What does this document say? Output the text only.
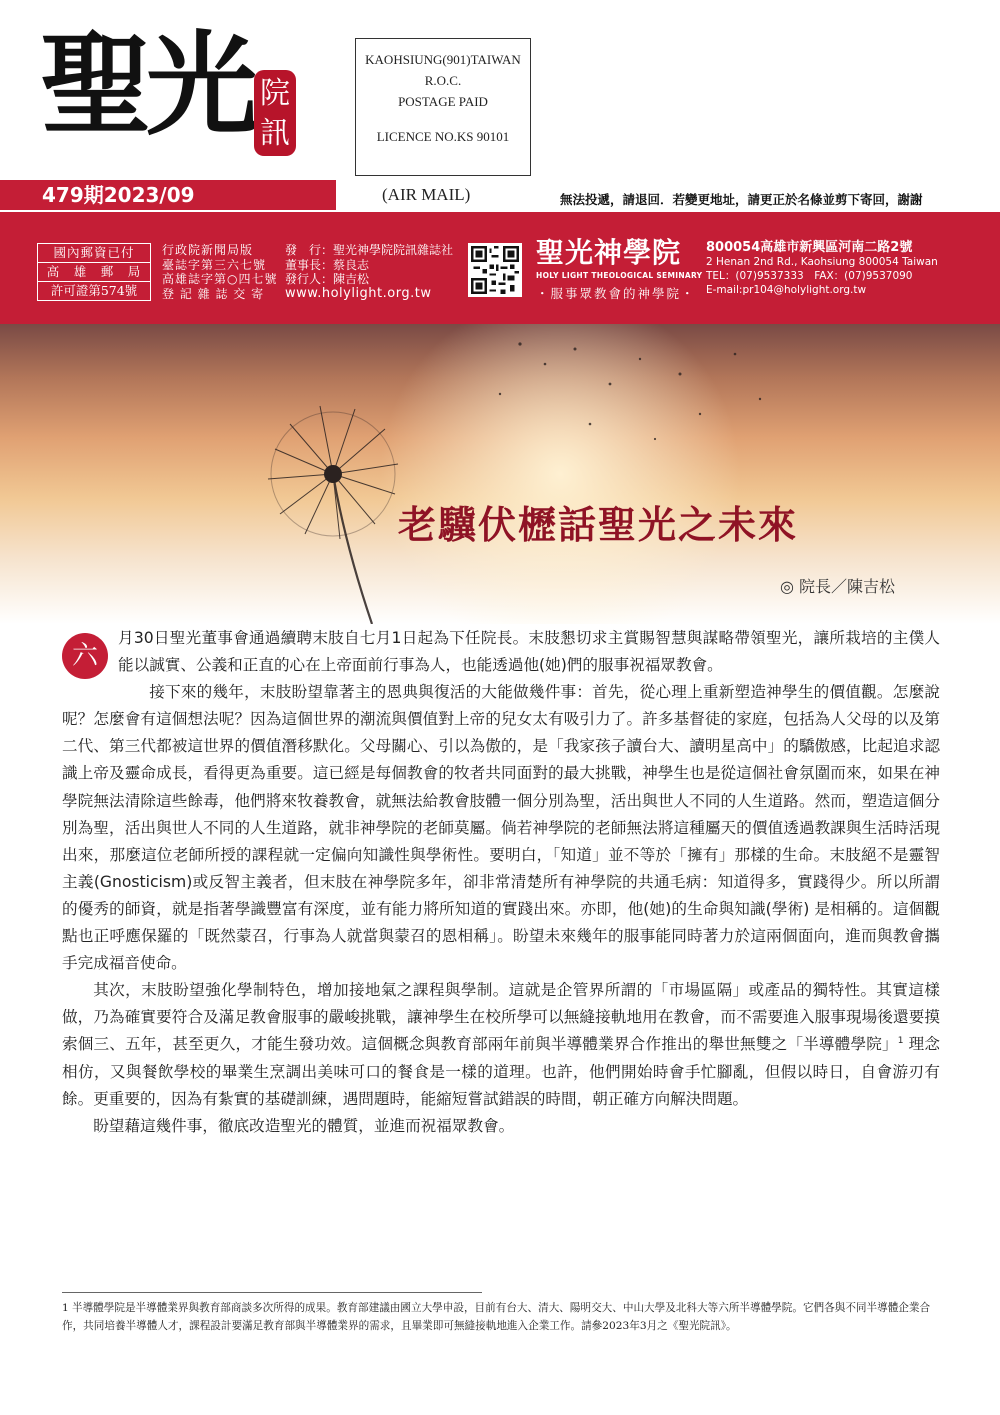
聖光 院
訊
KAOHSIUNG(901)TAIWAN
R.O.C.
POSTAGE PAID
LICENCE NO.KS 90101
(AIR MAIL)
479期2023/09	無法投遞，請退回．若變更地址，請更正於名條並剪下寄回，謝謝
國內郵資已付
高　雄　郵　局
許可證第574號
行政院新聞局版
臺誌字第三六七號
高雄誌字第○四七號
登 記 雜 誌 交 寄
發　行：聖光神學院院訊雜誌社
董事長：蔡良志
發行人：陳吉松
www.holylight.org.tw
聖光神學院
HOLY LIGHT THEOLOGICAL SEMINARY
・服事眾教會的神學院・
800054高雄市新興區河南二路2號
2 Henan 2nd Rd., Kaohsiung 800054 Taiwan
TEL：(07)9537333　FAX：(07)9537090
E-mail:pr104@holylight.org.tw
老驥伏櫪話聖光之未來
◎ 院長／陳吉松

六
月30日聖光董事會通過續聘末肢自七月1日起為下任院長。末肢懇切求主賞賜智慧與謀略帶領聖光，讓所栽培的主僕人能以誠實、公義和正直的心在上帝面前行事為人，也能透過他(她)們的服事祝福眾教會。

接下來的幾年，末肢盼望靠著主的恩典與復活的大能做幾件事：首先，從心理上重新塑造神學生的價值觀。怎麼說呢？怎麼會有這個想法呢？因為這個世界的潮流與價值對上帝的兒女太有吸引力了。許多基督徒的家庭，包括為人父母的以及第二代、第三代都被這世界的價值潛移默化。父母關心、引以為傲的，是「我家孩子讀台大、讀明星高中」的驕傲感，比起追求認識上帝及靈命成長，看得更為重要。這已經是每個教會的牧者共同面對的最大挑戰，神學生也是從這個社會氛圍而來，如果在神學院無法清除這些餘毒，他們將來牧養教會，就無法給教會肢體一個分別為聖，活出與世人不同的人生道路。然而，塑造這個分別為聖，活出與世人不同的人生道路，就非神學院的老師莫屬。倘若神學院的老師無法將這種屬天的價值透過教課與生活時活現出來，那麼這位老師所授的課程就一定偏向知識性與學術性。要明白，「知道」並不等於「擁有」那樣的生命。末肢絕不是靈智主義(Gnosticism)或反智主義者，但末肢在神學院多年，卻非常清楚所有神學院的共通毛病：知道得多，實踐得少。所以所謂的優秀的師資，就是指著學識豐富有深度，並有能力將所知道的實踐出來。亦即，他(她)的生命與知識(學術) 是相稱的。這個觀點也正呼應保羅的「既然蒙召，行事為人就當與蒙召的恩相稱」。盼望未來幾年的服事能同時著力於這兩個面向，進而與教會攜手完成福音使命。

其次，末肢盼望強化學制特色，增加接地氣之課程與學制。這就是企管界所謂的「市場區隔」或產品的獨特性。其實這樣做，乃為確實要符合及滿足教會服事的嚴峻挑戰，讓神學生在校所學可以無縫接軌地用在教會，而不需要進入服事現場後還要摸索個三、五年，甚至更久，才能生發功效。這個概念與教育部兩年前與半導體業界合作推出的舉世無雙之「半導體學院」$^1$ 理念相仿，又與餐飲學校的畢業生烹調出美味可口的餐食是一樣的道理。也許，他們開始時會手忙腳亂，但假以時日，自會游刃有餘。更重要的，因為有紮實的基礎訓練，遇問題時，能縮短嘗試錯誤的時間，朝正確方向解決問題。

盼望藉這幾件事，徹底改造聖光的體質，並進而祝福眾教會。

1 半導體學院是半導體業界與教育部商談多次所得的成果。教育部建議由國立大學申設，目前有台大、清大、陽明交大、中山大學及北科大等六所半導體學院。它們各與不同半導體企業合作，共同培養半導體人才，課程設計要滿足教育部與半導體業界的需求，且畢業即可無縫接軌地進入企業工作。請參2023年3月之《聖光院訊》。
